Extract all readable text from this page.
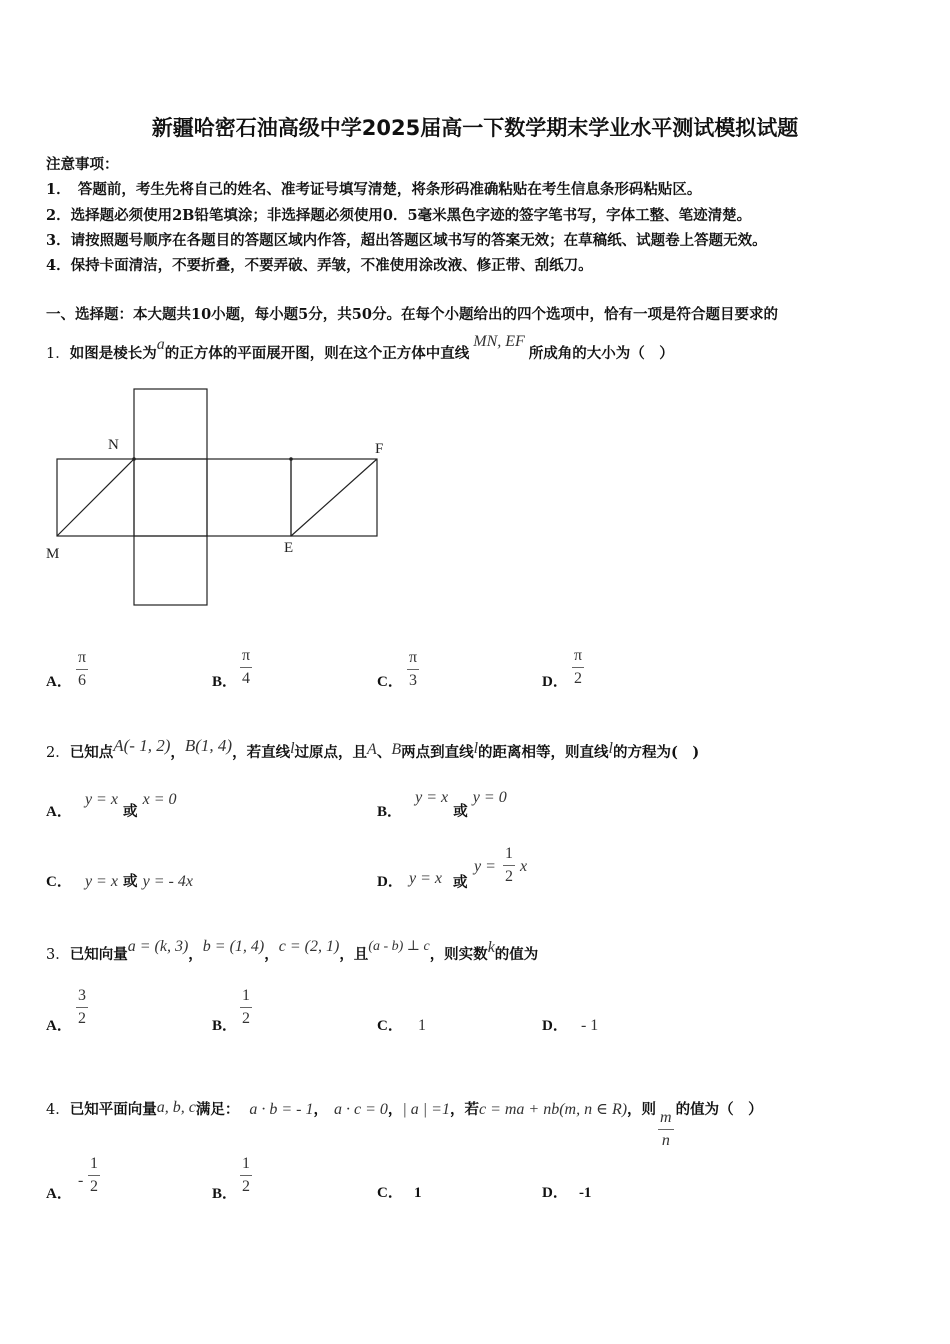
新疆哈密石油高级中学2025届高一下数学期末学业水平测试模拟试题
注意事项：
1．　答题前，考生先将自己的姓名、准考证号填写清楚，将条形码准确粘贴在考生信息条形码粘贴区。
2．选择题必须使用2B铅笔填涂；非选择题必须使用0．5毫米黑色字迹的签字笔书写，字体工整、笔迹清楚。
3．请按照题号顺序在各题目的答题区域内作答，超出答题区域书写的答案无效；在草稿纸、试题卷上答题无效。
4．保持卡面清洁，不要折叠，不要弄破、弄皱，不准使用涂改液、修正带、刮纸刀。
一、选择题：本大题共10小题，每小题5分，共50分。在每个小题给出的四个选项中，恰有一项是符合题目要求的
1．如图是棱长为a的正方体的平面展开图，则在这个正方体中直线MN, EF所成角的大小为（　）
N	F
M	E
A．
π
6	B．
π
4	C．
π
3	D．
π
2
2．已知点A(- 1, 2)，B(1, 4)，若直线l过原点，且A、B两点到直线l的距离相等，则直线l的方程为(　)
A． y = x 或 x = 0
B． y = x 或 y = 0
C． y = x 或 y = - 4x	D． y = x 或
y =
1
2
x
3．已知向量a = (k, 3)，b = (1, 4)，c = (2, 1)，且(a - b) ⊥ c，则实数k的值为
A．
3
2	B．
1
2	C． 1	D． - 1
4．已知平面向量a, b, c满足： a · b = - 1， a · c = 0，| a | =1，若c = ma + nb(m, n ∈ R)，则
$\frac{m}{n}$
的值为（　）
A．
-
1
2	B．
1
2	C． 1	D． -1
